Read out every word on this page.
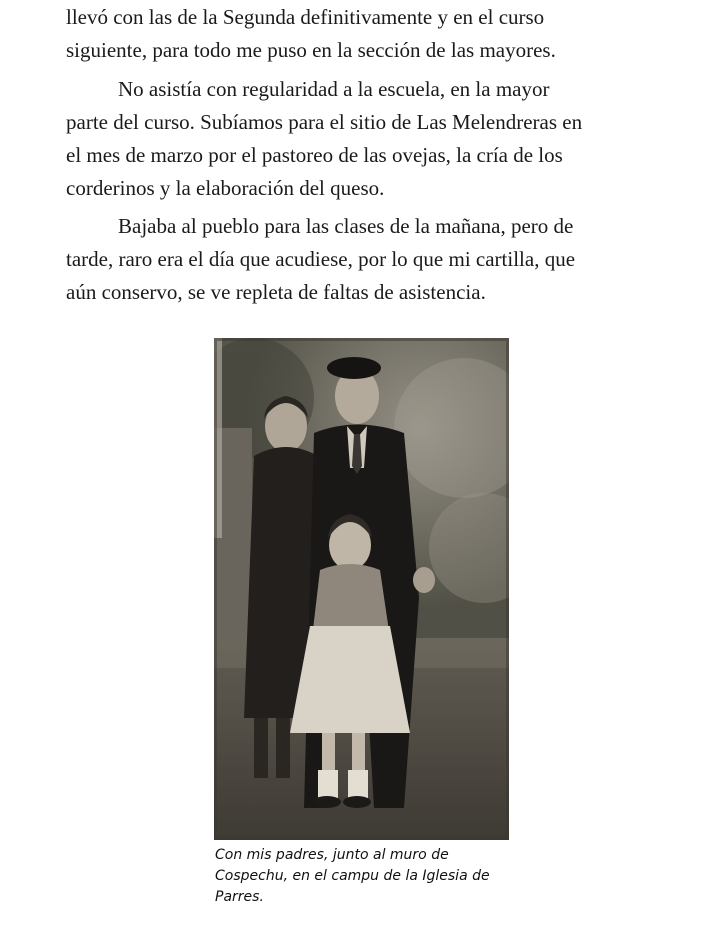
llevó con las de la Segunda definitivamente y en el curso
siguiente, para todo me puso en la sección de las mayores.

No asistía con regularidad a la escuela, en la mayor
parte del curso. Subíamos para el sitio de Las Melendreras en
el mes de marzo por el pastoreo de las ovejas, la cría de los
corderinos y la elaboración del queso.

Bajaba al pueblo para las clases de la mañana, pero de
tarde, raro era el día que acudiese, por lo que mi cartilla, que
aún conservo, se ve repleta de faltas de asistencia.

Con mis padres, junto al muro de
Cospechu, en el campu de la Iglesia de
Parres.
